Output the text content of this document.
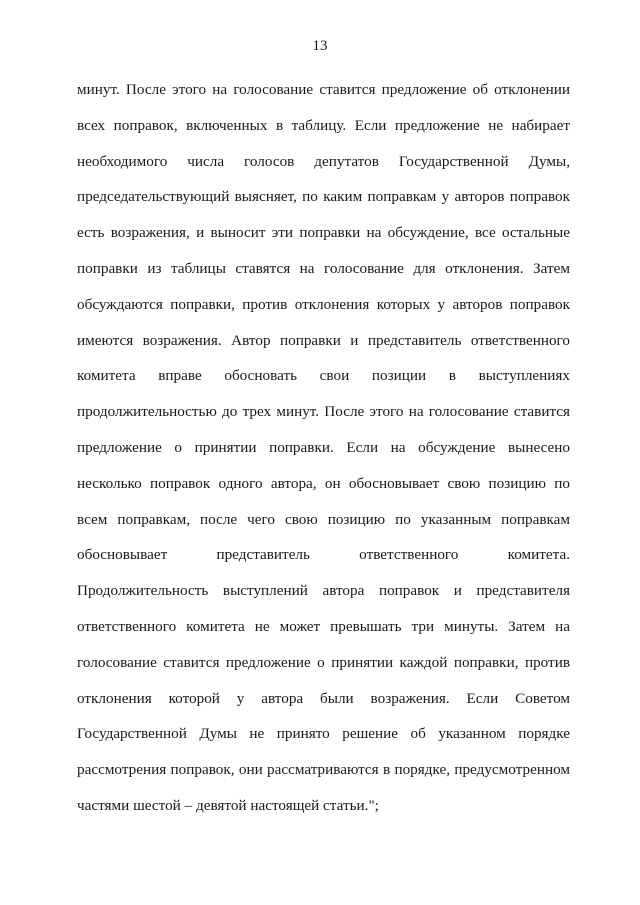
13
минут. После этого на голосование ставится предложение об отклонении
всех поправок, включенных в таблицу. Если предложение не набирает
необходимого числа голосов депутатов Государственной Думы,
председательствующий выясняет, по каким поправкам у авторов поправок
есть возражения, и выносит эти поправки на обсуждение, все остальные
поправки из таблицы ставятся на голосование для отклонения. Затем
обсуждаются поправки, против отклонения которых у авторов поправок
имеются возражения. Автор поправки и представитель ответственного
комитета вправе обосновать свои позиции в выступлениях
продолжительностью до трех минут. После этого на голосование ставится
предложение о принятии поправки. Если на обсуждение вынесено
несколько поправок одного автора, он обосновывает свою позицию по
всем поправкам, после чего свою позицию по указанным поправкам
обосновывает представитель ответственного комитета.
Продолжительность выступлений автора поправок и представителя
ответственного комитета не может превышать три минуты. Затем на
голосование ставится предложение о принятии каждой поправки, против
отклонения которой у автора были возражения. Если Советом
Государственной Думы не принято решение об указанном порядке
рассмотрения поправок, они рассматриваются в порядке, предусмотренном
частями шестой – девятой настоящей статьи.";
